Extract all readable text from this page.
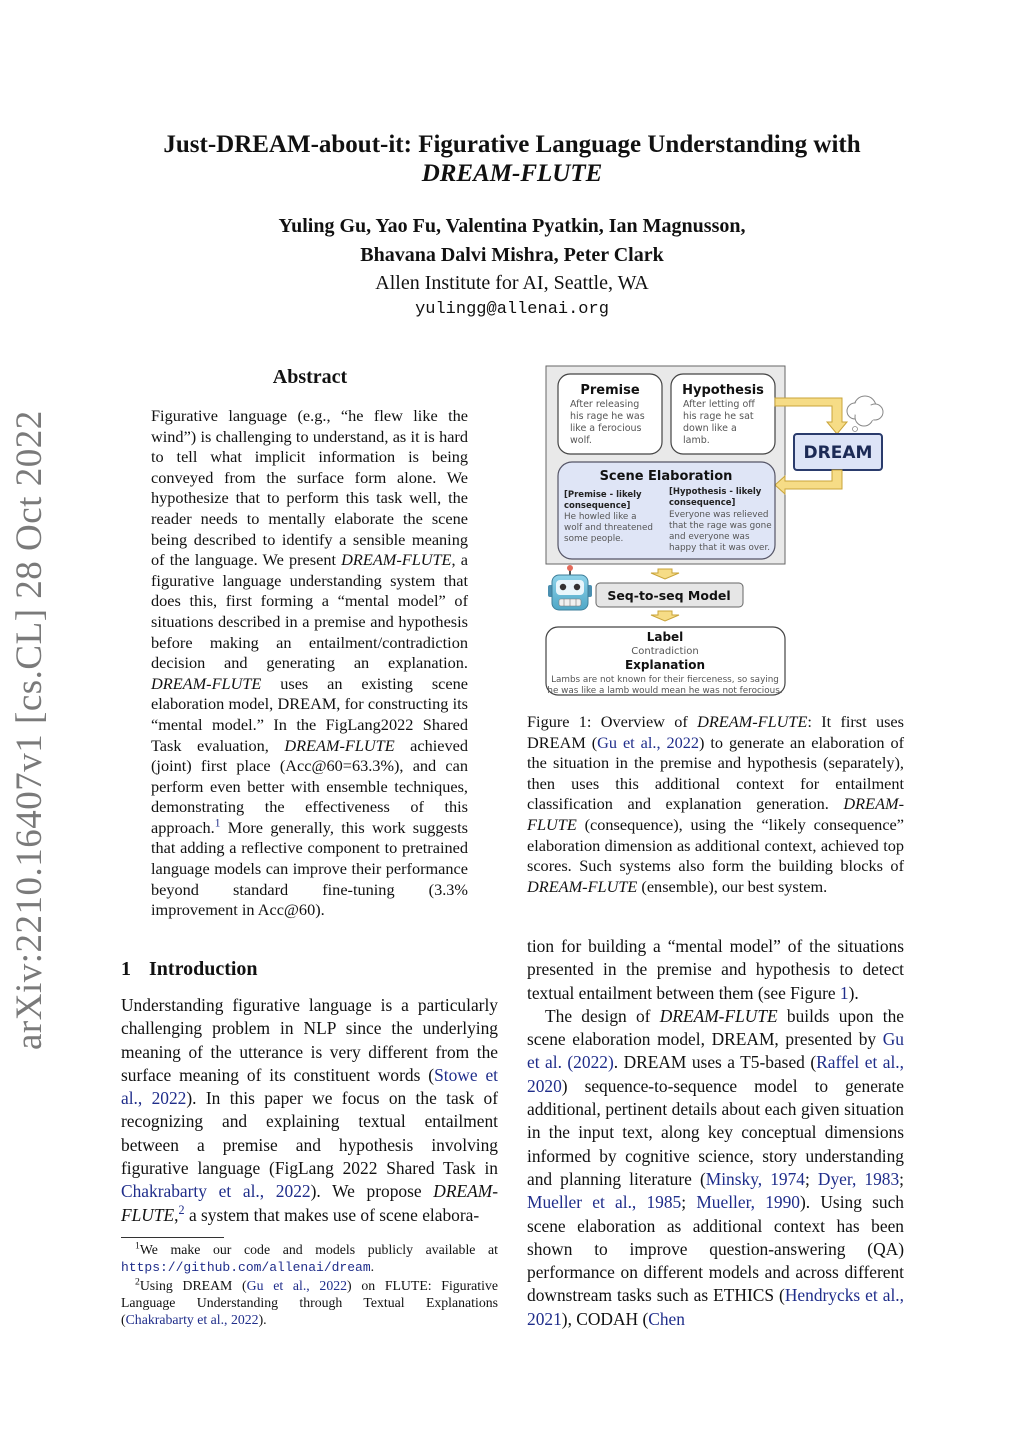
arXiv:2210.16407v1 [cs.CL] 28 Oct 2022
Just-DREAM-about-it: Figurative Language Understanding with
DREAM-FLUTE
Yuling Gu, Yao Fu, Valentina Pyatkin, Ian Magnusson,
Bhavana Dalvi Mishra, Peter Clark
Allen Institute for AI, Seattle, WA
yulingg@allenai.org
Abstract
Figurative language (e.g., “he flew like the wind”) is challenging to understand, as it is hard to tell what implicit information is being conveyed from the surface form alone. We hypothesize that to perform this task well, the reader needs to mentally elaborate the scene being described to identify a sensible meaning of the language. We present DREAM-FLUTE, a figurative language understanding system that does this, first forming a “mental model” of situations described in a premise and hypothesis before making an entailment/contradiction decision and generating an explanation. DREAM-FLUTE uses an existing scene elaboration model, DREAM, for constructing its “mental model.” In the FigLang2022 Shared Task evaluation, DREAM-FLUTE achieved (joint) first place (Acc@60=63.3%), and can perform even better with ensemble techniques, demonstrating the effectiveness of this approach.$^1$ More generally, this work suggests that adding a reflective component to pretrained language models can improve their performance beyond standard fine-tuning (3.3% improvement in Acc@60).
1 Introduction

Understanding figurative language is a particularly challenging problem in NLP since the underlying meaning of the utterance is very different from the surface meaning of its constituent words (Stowe et al., 2022). In this paper we focus on the task of recognizing and explaining textual entailment between a premise and hypothesis involving figurative language (FigLang 2022 Shared Task in Chakrabarty et al., 2022). We propose DREAM-FLUTE,$^2$ a system that makes use of scene elabora-

$^1$We make our code and models publicly available at https://github.com/allenai/dream.

$^2$Using DREAM (Gu et al., 2022) on FLUTE: Figurative Language Understanding through Textual Explanations (Chakrabarty et al., 2022).

Premise
After releasing
his rage he was
like a ferocious
wolf.
Hypothesis
After letting off
his rage he sat
down like a
lamb.
DREAM
Scene Elaboration
[Premise - likely
consequence]
He howled like a
wolf and threatened
some people.
[Hypothesis - likely
consequence]
Everyone was relieved
that the rage was gone
and everyone was
happy that it was over.
Seq-to-seq Model
Label
Contradiction
Explanation
Lambs are not known for their fierceness, so saying
he was like a lamb would mean he was not ferocious.
Figure 1: Overview of DREAM-FLUTE: It first uses DREAM (Gu et al., 2022) to generate an elaboration of the situation in the premise and hypothesis (separately), then uses this additional context for entailment classification and explanation generation. DREAM-FLUTE (consequence), using the “likely consequence” elaboration dimension as additional context, achieved top scores. Such systems also form the building blocks of DREAM-FLUTE (ensemble), our best system.

tion for building a “mental model” of the situations presented in the premise and hypothesis to detect textual entailment between them (see Figure 1).

The design of DREAM-FLUTE builds upon the scene elaboration model, DREAM, presented by Gu et al. (2022). DREAM uses a T5-based (Raffel et al., 2020) sequence-to-sequence model to generate additional, pertinent details about each given situation in the input text, along key conceptual dimensions informed by cognitive science, story understanding and planning literature (Minsky, 1974; Dyer, 1983; Mueller et al., 1985; Mueller, 1990). Using such scene elaboration as additional context has been shown to improve question-answering (QA) performance on different models and across different downstream tasks such as ETHICS (Hendrycks et al., 2021), CODAH (Chen
